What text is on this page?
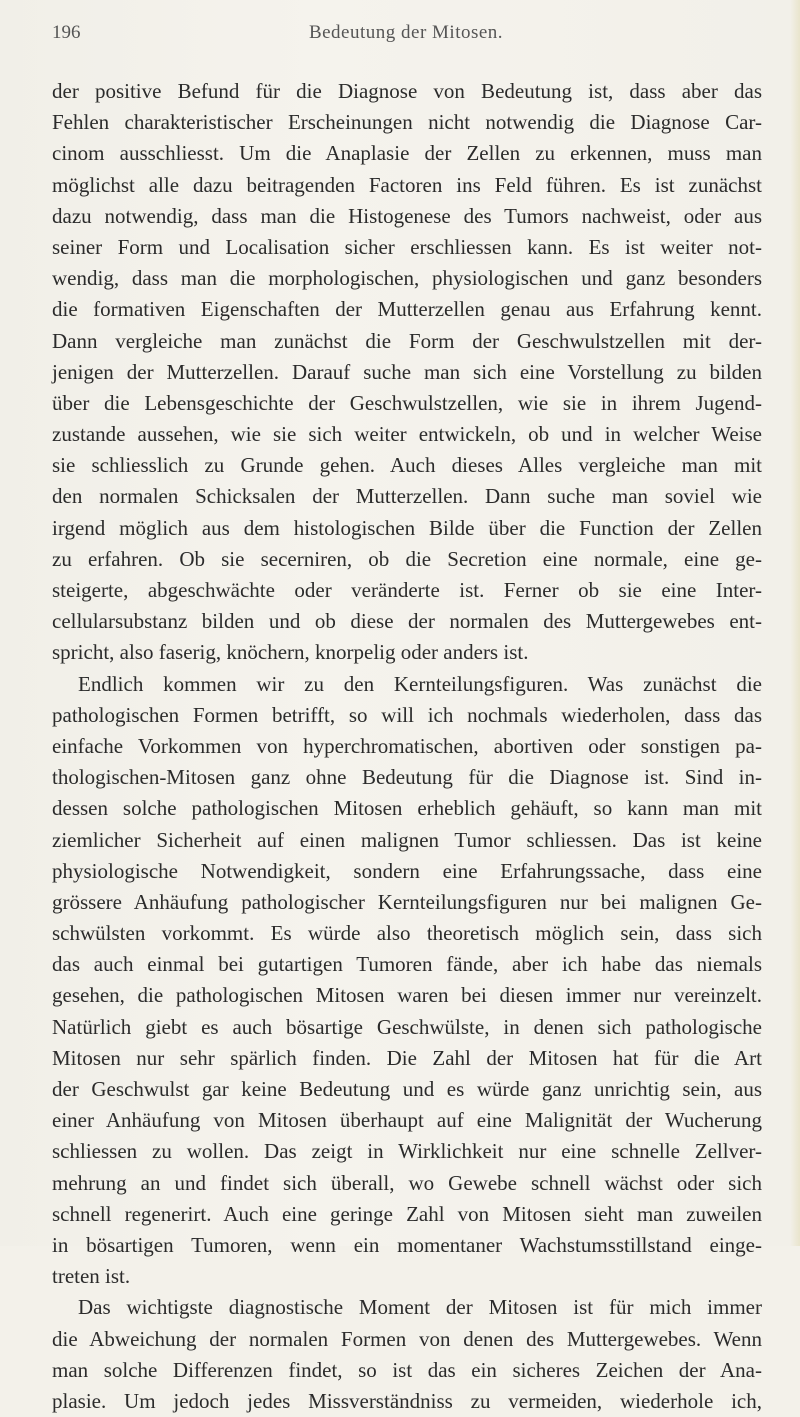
196	Bedeutung der Mitosen.
der positive Befund für die Diagnose von Bedeutung ist, dass aber das
Fehlen charakteristischer Erscheinungen nicht notwendig die Diagnose Car-
cinom ausschliesst. Um die Anaplasie der Zellen zu erkennen, muss man
möglichst alle dazu beitragenden Factoren ins Feld führen. Es ist zunächst
dazu notwendig, dass man die Histogenese des Tumors nachweist, oder aus
seiner Form und Localisation sicher erschliessen kann. Es ist weiter not-
wendig, dass man die morphologischen, physiologischen und ganz besonders
die formativen Eigenschaften der Mutterzellen genau aus Erfahrung kennt.
Dann vergleiche man zunächst die Form der Geschwulstzellen mit der-
jenigen der Mutterzellen. Darauf suche man sich eine Vorstellung zu bilden
über die Lebensgeschichte der Geschwulstzellen, wie sie in ihrem Jugend-
zustande aussehen, wie sie sich weiter entwickeln, ob und in welcher Weise
sie schliesslich zu Grunde gehen. Auch dieses Alles vergleiche man mit
den normalen Schicksalen der Mutterzellen. Dann suche man soviel wie
irgend möglich aus dem histologischen Bilde über die Function der Zellen
zu erfahren. Ob sie secerniren, ob die Secretion eine normale, eine ge-
steigerte, abgeschwächte oder veränderte ist. Ferner ob sie eine Inter-
cellularsubstanz bilden und ob diese der normalen des Muttergewebes ent-
spricht, also faserig, knöchern, knorpelig oder anders ist.
Endlich kommen wir zu den Kernteilungsfiguren. Was zunächst die
pathologischen Formen betrifft, so will ich nochmals wiederholen, dass das
einfache Vorkommen von hyperchromatischen, abortiven oder sonstigen pa-
thologischen-Mitosen ganz ohne Bedeutung für die Diagnose ist. Sind in-
dessen solche pathologischen Mitosen erheblich gehäuft, so kann man mit
ziemlicher Sicherheit auf einen malignen Tumor schliessen. Das ist keine
physiologische Notwendigkeit, sondern eine Erfahrungssache, dass eine
grössere Anhäufung pathologischer Kernteilungsfiguren nur bei malignen Ge-
schwülsten vorkommt. Es würde also theoretisch möglich sein, dass sich
das auch einmal bei gutartigen Tumoren fände, aber ich habe das niemals
gesehen, die pathologischen Mitosen waren bei diesen immer nur vereinzelt.
Natürlich giebt es auch bösartige Geschwülste, in denen sich pathologische
Mitosen nur sehr spärlich finden. Die Zahl der Mitosen hat für die Art
der Geschwulst gar keine Bedeutung und es würde ganz unrichtig sein, aus
einer Anhäufung von Mitosen überhaupt auf eine Malignität der Wucherung
schliessen zu wollen. Das zeigt in Wirklichkeit nur eine schnelle Zellver-
mehrung an und findet sich überall, wo Gewebe schnell wächst oder sich
schnell regenerirt. Auch eine geringe Zahl von Mitosen sieht man zuweilen
in bösartigen Tumoren, wenn ein momentaner Wachstumsstillstand einge-
treten ist.
Das wichtigste diagnostische Moment der Mitosen ist für mich immer
die Abweichung der normalen Formen von denen des Muttergewebes. Wenn
man solche Differenzen findet, so ist das ein sicheres Zeichen der Ana-
plasie. Um jedoch jedes Missverständniss zu vermeiden, wiederhole ich,
